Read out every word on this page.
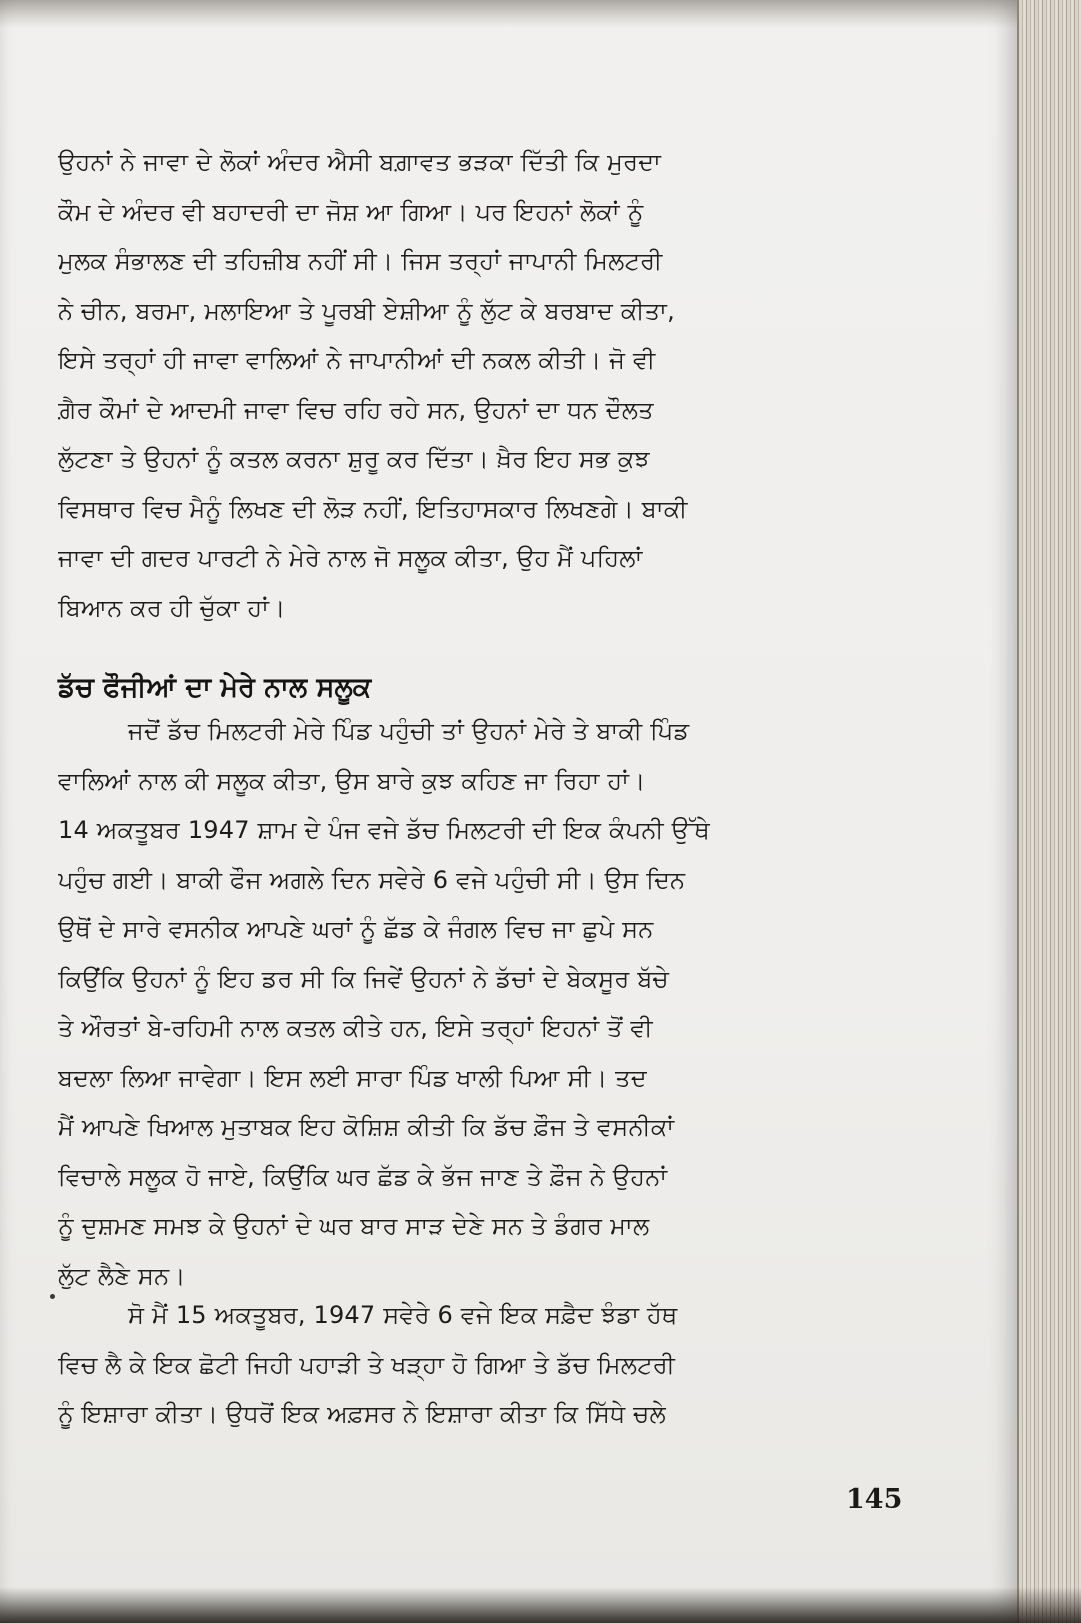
ਉਹਨਾਂ ਨੇ ਜਾਵਾ ਦੇ ਲੋਕਾਂ ਅੰਦਰ ਐਸੀ ਬਗ਼ਾਵਤ ਭੜਕਾ ਦਿੱਤੀ ਕਿ ਮੁਰਦਾ
ਕੌਮ ਦੇ ਅੰਦਰ ਵੀ ਬਹਾਦਰੀ ਦਾ ਜੋਸ਼ ਆ ਗਿਆ। ਪਰ ਇਹਨਾਂ ਲੋਕਾਂ ਨੂੰ
ਮੁਲਕ ਸੰਭਾਲਣ ਦੀ ਤਹਿਜ਼ੀਬ ਨਹੀਂ ਸੀ। ਜਿਸ ਤਰ੍ਹਾਂ ਜਾਪਾਨੀ ਮਿਲਟਰੀ
ਨੇ ਚੀਨ, ਬਰਮਾ, ਮਲਾਇਆ ਤੇ ਪੂਰਬੀ ਏਸ਼ੀਆ ਨੂੰ ਲੁੱਟ ਕੇ ਬਰਬਾਦ ਕੀਤਾ,
ਇਸੇ ਤਰ੍ਹਾਂ ਹੀ ਜਾਵਾ ਵਾਲਿਆਂ ਨੇ ਜਾਪਾਨੀਆਂ ਦੀ ਨਕਲ ਕੀਤੀ। ਜੋ ਵੀ
ਗ਼ੈਰ ਕੌਮਾਂ ਦੇ ਆਦਮੀ ਜਾਵਾ ਵਿਚ ਰਹਿ ਰਹੇ ਸਨ, ਉਹਨਾਂ ਦਾ ਧਨ ਦੌਲਤ
ਲੁੱਟਣਾ ਤੇ ਉਹਨਾਂ ਨੂੰ ਕਤਲ ਕਰਨਾ ਸ਼ੁਰੂ ਕਰ ਦਿੱਤਾ। ਖ਼ੈਰ ਇਹ ਸਭ ਕੁਝ
ਵਿਸਥਾਰ ਵਿਚ ਮੈਨੂੰ ਲਿਖਣ ਦੀ ਲੋੜ ਨਹੀਂ, ਇਤਿਹਾਸਕਾਰ ਲਿਖਣਗੇ। ਬਾਕੀ
ਜਾਵਾ ਦੀ ਗਦਰ ਪਾਰਟੀ ਨੇ ਮੇਰੇ ਨਾਲ ਜੋ ਸਲੂਕ ਕੀਤਾ, ਉਹ ਮੈਂ ਪਹਿਲਾਂ
ਬਿਆਨ ਕਰ ਹੀ ਚੁੱਕਾ ਹਾਂ।

ਡੱਚ ਫੌਜੀਆਂ ਦਾ ਮੇਰੇ ਨਾਲ ਸਲੂਕ

ਜਦੋਂ ਡੱਚ ਮਿਲਟਰੀ ਮੇਰੇ ਪਿੰਡ ਪਹੁੰਚੀ ਤਾਂ ਉਹਨਾਂ ਮੇਰੇ ਤੇ ਬਾਕੀ ਪਿੰਡ
ਵਾਲਿਆਂ ਨਾਲ ਕੀ ਸਲੂਕ ਕੀਤਾ, ਉਸ ਬਾਰੇ ਕੁਝ ਕਹਿਣ ਜਾ ਰਿਹਾ ਹਾਂ।
14 ਅਕਤੂਬਰ 1947 ਸ਼ਾਮ ਦੇ ਪੰਜ ਵਜੇ ਡੱਚ ਮਿਲਟਰੀ ਦੀ ਇਕ ਕੰਪਨੀ ਉੱਥੇ
ਪਹੁੰਚ ਗਈ। ਬਾਕੀ ਫੌਜ ਅਗਲੇ ਦਿਨ ਸਵੇਰੇ 6 ਵਜੇ ਪਹੁੰਚੀ ਸੀ। ਉਸ ਦਿਨ
ਉਥੋਂ ਦੇ ਸਾਰੇ ਵਸਨੀਕ ਆਪਣੇ ਘਰਾਂ ਨੂੰ ਛੱਡ ਕੇ ਜੰਗਲ ਵਿਚ ਜਾ ਛੁਪੇ ਸਨ
ਕਿਉਂਕਿ ਉਹਨਾਂ ਨੂੰ ਇਹ ਡਰ ਸੀ ਕਿ ਜਿਵੇਂ ਉਹਨਾਂ ਨੇ ਡੱਚਾਂ ਦੇ ਬੇਕਸੂਰ ਬੱਚੇ
ਤੇ ਔਰਤਾਂ ਬੇ-ਰਹਿਮੀ ਨਾਲ ਕਤਲ ਕੀਤੇ ਹਨ, ਇਸੇ ਤਰ੍ਹਾਂ ਇਹਨਾਂ ਤੋਂ ਵੀ
ਬਦਲਾ ਲਿਆ ਜਾਵੇਗਾ। ਇਸ ਲਈ ਸਾਰਾ ਪਿੰਡ ਖਾਲੀ ਪਿਆ ਸੀ। ਤਦ
ਮੈਂ ਆਪਣੇ ਖਿਆਲ ਮੁਤਾਬਕ ਇਹ ਕੋਸ਼ਿਸ਼ ਕੀਤੀ ਕਿ ਡੱਚ ਫ਼ੌਜ ਤੇ ਵਸਨੀਕਾਂ
ਵਿਚਾਲੇ ਸਲੂਕ ਹੋ ਜਾਏ, ਕਿਉਂਕਿ ਘਰ ਛੱਡ ਕੇ ਭੱਜ ਜਾਣ ਤੇ ਫ਼ੌਜ ਨੇ ਉਹਨਾਂ
ਨੂੰ ਦੁਸ਼ਮਣ ਸਮਝ ਕੇ ਉਹਨਾਂ ਦੇ ਘਰ ਬਾਰ ਸਾੜ ਦੇਣੇ ਸਨ ਤੇ ਡੰਗਰ ਮਾਲ
ਲੁੱਟ ਲੈਣੇ ਸਨ।

ਸੋ ਮੈਂ 15 ਅਕਤੂਬਰ, 1947 ਸਵੇਰੇ 6 ਵਜੇ ਇਕ ਸਫ਼ੈਦ ਝੰਡਾ ਹੱਥ
ਵਿਚ ਲੈ ਕੇ ਇਕ ਛੋਟੀ ਜਿਹੀ ਪਹਾੜੀ ਤੇ ਖੜ੍ਹਾ ਹੋ ਗਿਆ ਤੇ ਡੱਚ ਮਿਲਟਰੀ
ਨੂੰ ਇਸ਼ਾਰਾ ਕੀਤਾ। ਉਧਰੋਂ ਇਕ ਅਫ਼ਸਰ ਨੇ ਇਸ਼ਾਰਾ ਕੀਤਾ ਕਿ ਸਿੱਧੇ ਚਲੇ

145
